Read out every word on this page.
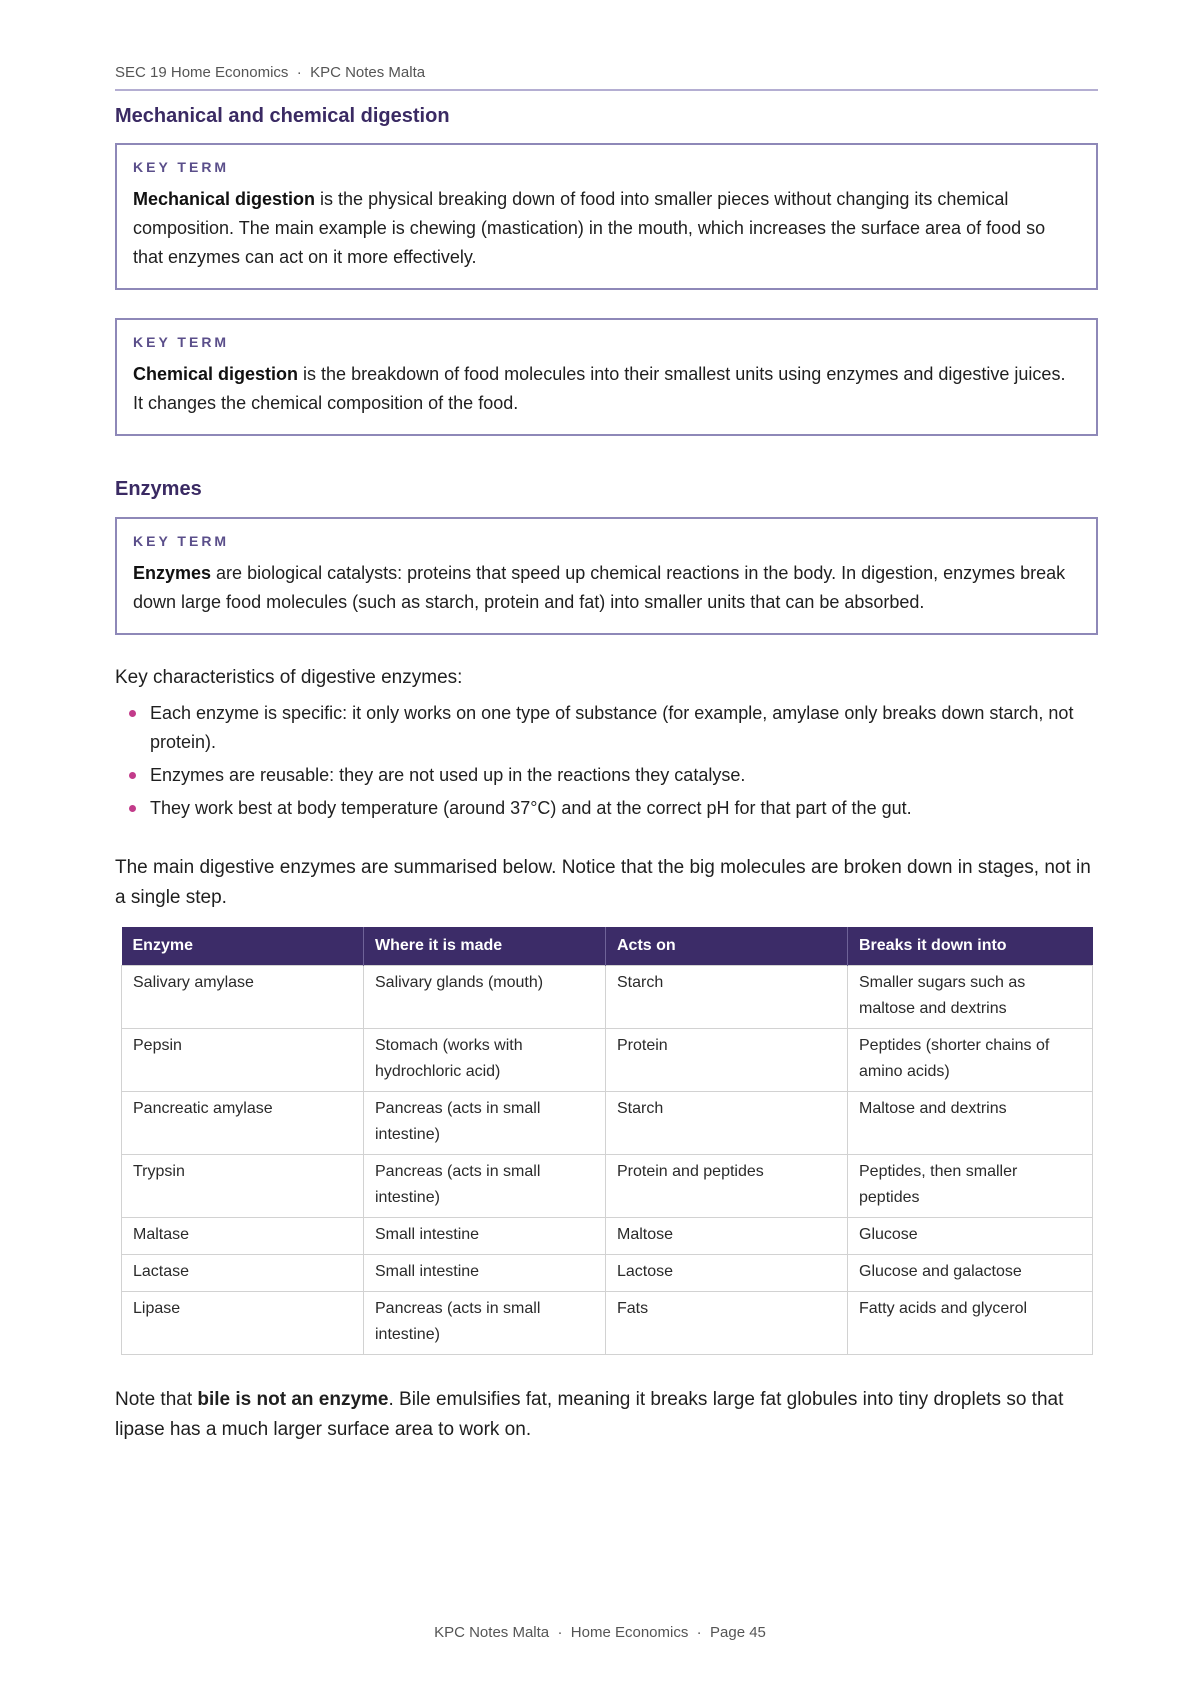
SEC 19 Home Economics  ·  KPC Notes Malta
Mechanical and chemical digestion
KEY TERM
Mechanical digestion is the physical breaking down of food into smaller pieces without changing its chemical composition. The main example is chewing (mastication) in the mouth, which increases the surface area of food so that enzymes can act on it more effectively.
KEY TERM
Chemical digestion is the breakdown of food molecules into their smallest units using enzymes and digestive juices. It changes the chemical composition of the food.
Enzymes
KEY TERM
Enzymes are biological catalysts: proteins that speed up chemical reactions in the body. In digestion, enzymes break down large food molecules (such as starch, protein and fat) into smaller units that can be absorbed.

Key characteristics of digestive enzymes:

Each enzyme is specific: it only works on one type of substance (for example, amylase only breaks down starch, not protein).
Enzymes are reusable: they are not used up in the reactions they catalyse.
They work best at body temperature (around 37°C) and at the correct pH for that part of the gut.

The main digestive enzymes are summarised below. Notice that the big molecules are broken down in stages, not in a single step.

Enzyme	Where it is made	Acts on	Breaks it down into
Salivary amylase	Salivary glands (mouth)	Starch	Smaller sugars such as maltose and dextrins
Pepsin	Stomach (works with hydrochloric acid)	Protein	Peptides (shorter chains of amino acids)
Pancreatic amylase	Pancreas (acts in small intestine)	Starch	Maltose and dextrins
Trypsin	Pancreas (acts in small intestine)	Protein and peptides	Peptides, then smaller peptides
Maltase	Small intestine	Maltose	Glucose
Lactase	Small intestine	Lactose	Glucose and galactose
Lipase	Pancreas (acts in small intestine)	Fats	Fatty acids and glycerol

Note that bile is not an enzyme. Bile emulsifies fat, meaning it breaks large fat globules into tiny droplets so that lipase has a much larger surface area to work on.

KPC Notes Malta  ·  Home Economics  ·  Page 45
